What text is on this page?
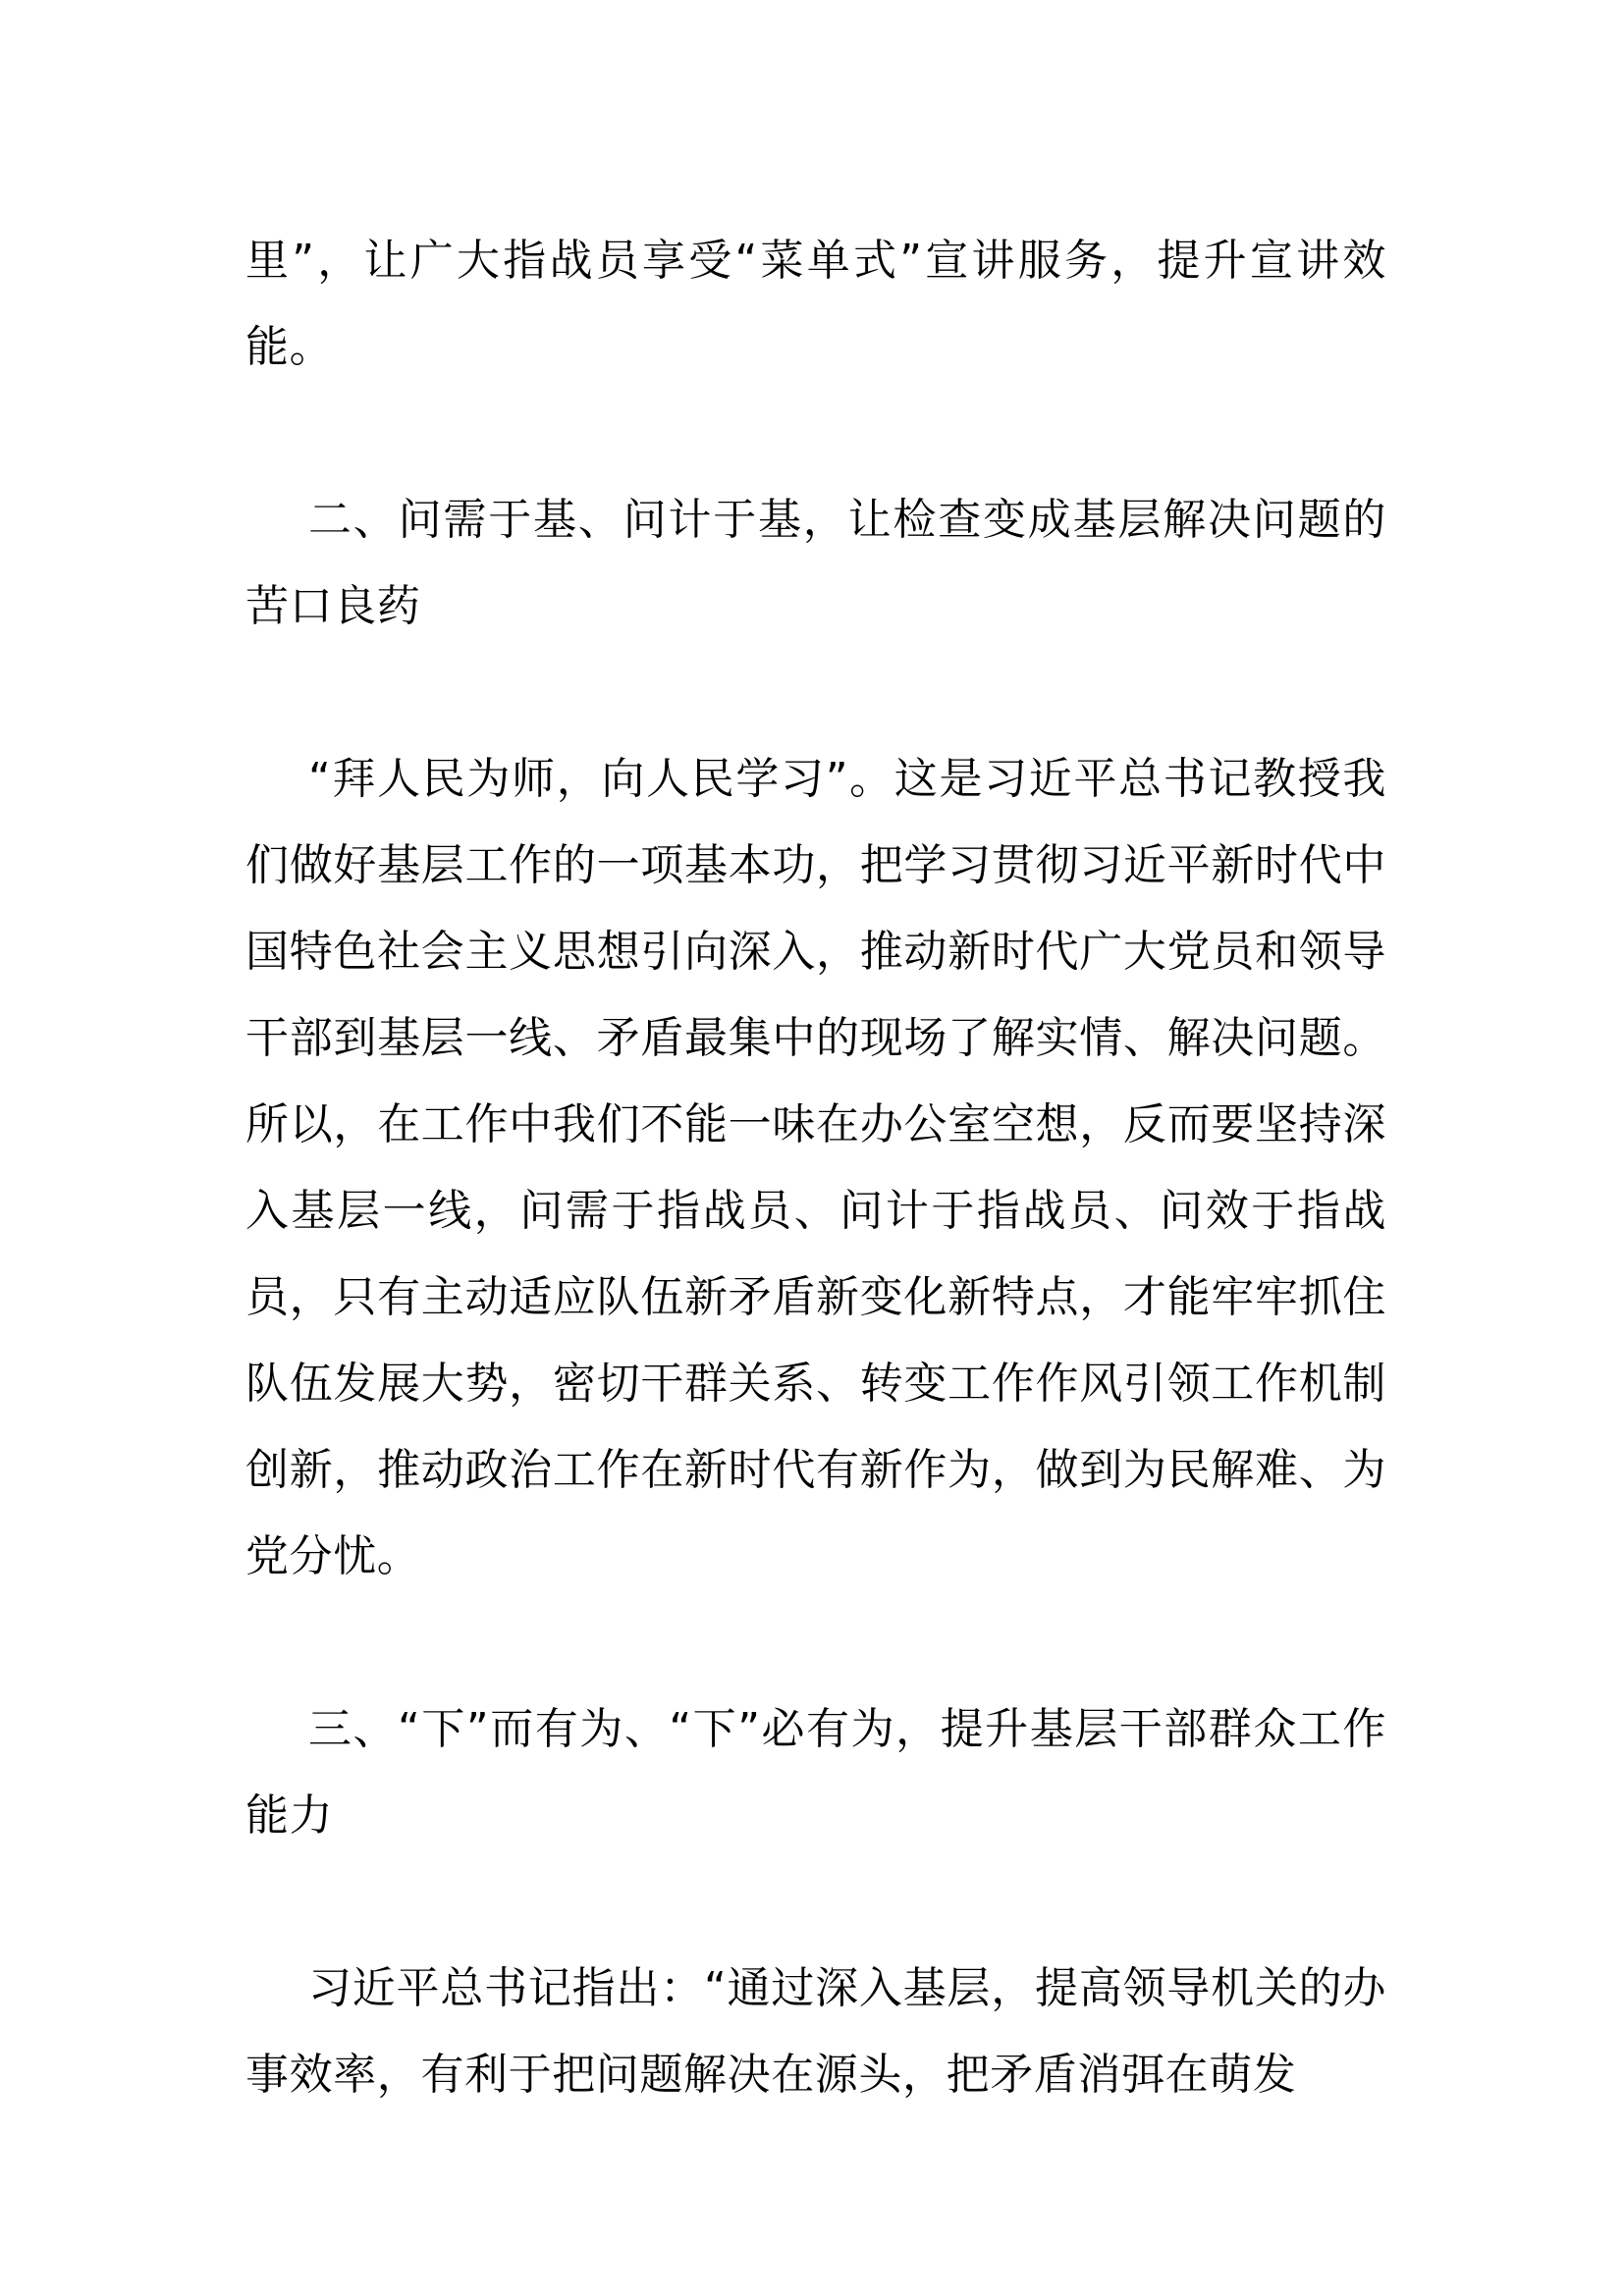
里”，让广大指战员享受“菜单式”宣讲服务，提升宣讲效能。

二、问需于基、问计于基，让检查变成基层解决问题的苦口良药

“拜人民为师，向人民学习”。这是习近平总书记教授我们做好基层工作的一项基本功，把学习贯彻习近平新时代中国特色社会主义思想引向深入，推动新时代广大党员和领导干部到基层一线、矛盾最集中的现场了解实情、解决问题。所以，在工作中我们不能一味在办公室空想，反而要坚持深入基层一线，问需于指战员、问计于指战员、问效于指战员，只有主动适应队伍新矛盾新变化新特点，才能牢牢抓住队伍发展大势，密切干群关系、转变工作作风引领工作机制创新，推动政治工作在新时代有新作为，做到为民解难、为党分忧。

三、“下”而有为、“下”必有为，提升基层干部群众工作能力

习近平总书记指出：“通过深入基层，提高领导机关的办事效率，有利于把问题解决在源头，把矛盾消弭在萌发
